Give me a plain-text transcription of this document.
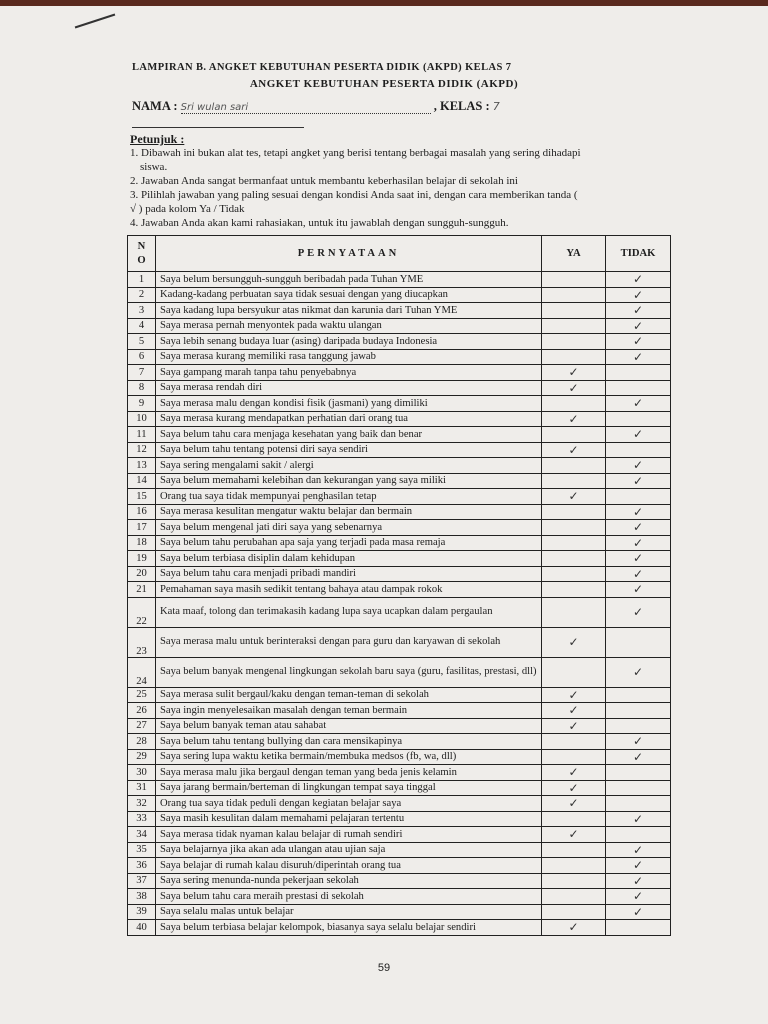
LAMPIRAN B. ANGKET KEBUTUHAN PESERTA DIDIK (AKPD) KELAS 7
ANGKET KEBUTUHAN PESERTA DIDIK (AKPD)
NAMA : Sri wulan sari	, KELAS : 7
Petunjuk :

1. Dibawah ini bukan alat tes, tetapi angket yang berisi tentang berbagai masalah yang sering dihadapi

siswa.

2. Jawaban Anda sangat bermanfaat untuk membantu keberhasilan belajar di sekolah ini

3. Pilihlah jawaban yang paling sesuai dengan kondisi Anda saat ini, dengan cara memberikan tanda (

√ ) pada kolom Ya / Tidak

4. Jawaban Anda akan kami rahasiakan, untuk itu jawablah dengan sungguh-sungguh.

N
O	PERNYATAAN	YA	TIDAK
1	Saya belum bersungguh-sungguh beribadah pada Tuhan YME		✓
2	Kadang-kadang perbuatan saya tidak sesuai dengan yang diucapkan		✓
3	Saya kadang lupa bersyukur atas nikmat dan karunia dari Tuhan YME		✓
4	Saya merasa pernah menyontek pada waktu ulangan		✓
5	Saya lebih senang budaya luar (asing) daripada budaya Indonesia		✓
6	Saya merasa kurang memiliki rasa tanggung jawab		✓
7	Saya gampang marah tanpa tahu penyebabnya	✓	
8	Saya merasa rendah diri	✓	
9	Saya merasa malu dengan kondisi fisik (jasmani) yang dimiliki		✓
10	Saya merasa kurang mendapatkan perhatian dari orang tua	✓	
11	Saya belum tahu cara menjaga kesehatan yang baik dan benar		✓
12	Saya belum tahu tentang potensi diri saya sendiri	✓	
13	Saya sering mengalami sakit / alergi		✓
14	Saya belum memahami kelebihan dan kekurangan yang saya miliki		✓
15	Orang tua saya tidak mempunyai penghasilan tetap	✓	
16	Saya merasa kesulitan mengatur waktu belajar dan bermain		✓
17	Saya belum mengenal jati diri saya yang sebenarnya		✓
18	Saya belum tahu perubahan apa saja yang terjadi pada masa remaja		✓
19	Saya belum terbiasa disiplin dalam kehidupan		✓
20	Saya belum tahu cara menjadi pribadi mandiri		✓
21	Pemahaman saya masih sedikit tentang bahaya atau dampak rokok		✓
22	Kata maaf, tolong dan terimakasih kadang lupa saya ucapkan dalam pergaulan		✓
23	Saya merasa malu untuk berinteraksi dengan para guru dan karyawan di sekolah	✓	
24	Saya belum banyak mengenal lingkungan sekolah baru saya (guru, fasilitas, prestasi, dll)		✓
25	Saya merasa sulit bergaul/kaku dengan teman-teman di sekolah	✓	
26	Saya ingin menyelesaikan masalah dengan teman bermain	✓	
27	Saya belum banyak teman atau sahabat	✓	
28	Saya belum tahu tentang bullying dan cara mensikapinya		✓
29	Saya sering lupa waktu ketika bermain/membuka medsos (fb, wa, dll)		✓
30	Saya merasa malu jika bergaul dengan teman yang beda jenis kelamin	✓	
31	Saya jarang bermain/berteman di lingkungan tempat saya tinggal	✓	
32	Orang tua saya tidak peduli dengan kegiatan belajar saya	✓	
33	Saya masih kesulitan dalam memahami pelajaran tertentu		✓
34	Saya merasa tidak nyaman kalau belajar di rumah sendiri	✓	
35	Saya belajarnya jika akan ada ulangan atau ujian saja		✓
36	Saya belajar di rumah kalau disuruh/diperintah orang tua		✓
37	Saya sering menunda-nunda pekerjaan sekolah		✓
38	Saya belum tahu cara meraih prestasi di sekolah		✓
39	Saya selalu malas untuk belajar		✓
40	Saya belum terbiasa belajar kelompok, biasanya saya selalu belajar sendiri	✓	
59
